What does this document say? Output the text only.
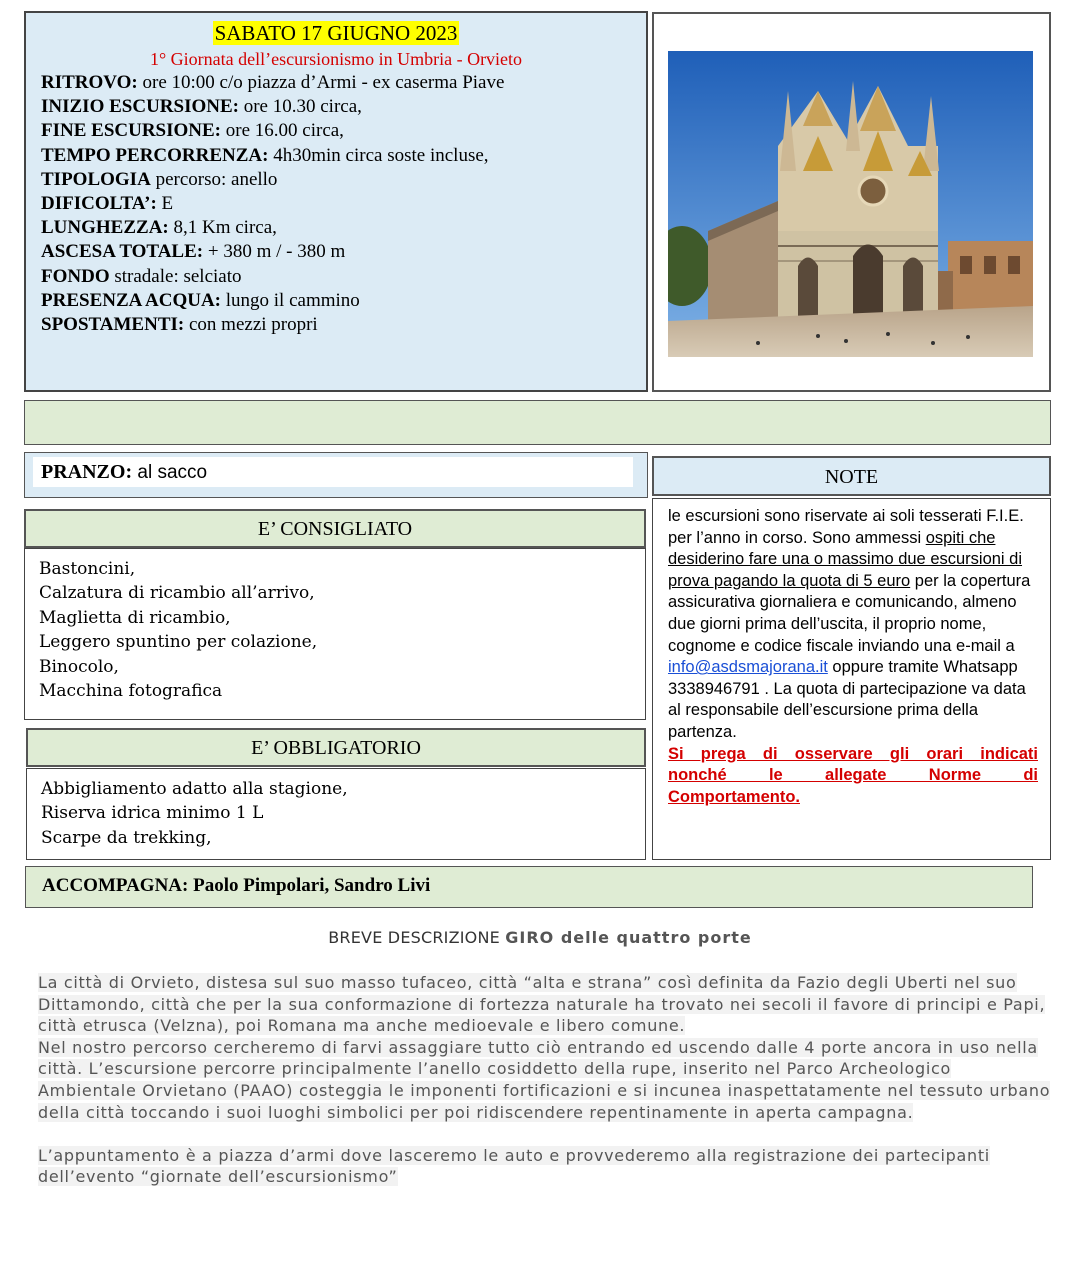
SABATO 17 GIUGNO 2023
1° Giornata dell’escursionismo in Umbria - Orvieto
RITROVO: ore 10:00 c/o piazza d’Armi - ex caserma Piave
INIZIO ESCURSIONE: ore 10.30 circa,
FINE ESCURSIONE: ore 16.00 circa,
TEMPO PERCORRENZA: 4h30min circa soste incluse,
TIPOLOGIA percorso: anello
DIFICOLTA’: E
LUNGHEZZA: 8,1 Km circa,
ASCESA TOTALE: + 380 m / - 380 m
FONDO stradale: selciato
PRESENZA ACQUA: lungo il cammino
SPOSTAMENTI: con mezzi propri
PRANZO: al sacco
E’ CONSIGLIATO
Bastoncini,
Calzatura di ricambio all’arrivo,
Maglietta di ricambio,
Leggero spuntino per colazione,
Binocolo,
Macchina fotografica
E’ OBBLIGATORIO
Abbigliamento adatto alla stagione,
Riserva idrica minimo 1 L
Scarpe da trekking,
NOTE
le escursioni sono riservate ai soli tesserati F.I.E. per l’anno in corso. Sono ammessi ospiti che desiderino fare una o massimo due escursioni di prova pagando la quota di 5 euro per la copertura assicurativa giornaliera e comunicando, almeno due giorni prima dell’uscita, il proprio nome, cognome e codice fiscale inviando una e-mail a info@asdsmajorana.it oppure tramite Whatsapp 3338946791 . La quota di partecipazione va data al responsabile dell’escursione prima della partenza.
Si prega di osservare gli orari indicati
nonché le allegate Norme di
Comportamento.
ACCOMPAGNA: Paolo Pimpolari, Sandro Livi
BREVE DESCRIZIONE GIRO delle quattro porte

La città di Orvieto, distesa sul suo masso tufaceo, città “alta e strana” così definita da Fazio degli Uberti nel suo Dittamondo, città che per la sua conformazione di fortezza naturale ha trovato nei secoli il favore di principi e Papi, città etrusca (Velzna), poi Romana ma anche medioevale e libero comune.

Nel nostro percorso cercheremo di farvi assaggiare tutto ciò entrando ed uscendo dalle 4 porte ancora in uso nella città. L’escursione percorre principalmente l’anello cosiddetto della rupe, inserito nel Parco Archeologico Ambientale Orvietano (PAAO) costeggia le imponenti fortificazioni e si incunea inaspettatamente nel tessuto urbano della città toccando i suoi luoghi simbolici per poi ridiscendere repentinamente in aperta campagna.

L’appuntamento è a piazza d’armi dove lasceremo le auto e provvederemo alla registrazione dei partecipanti dell’evento “giornate dell’escursionismo”
